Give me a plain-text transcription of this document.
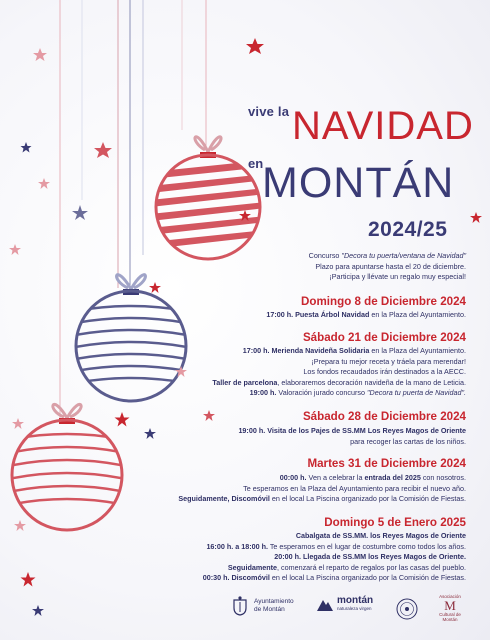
vive la NAVIDAD
en
MONTÁN
2024/25
Concurso "Decora tu puerta/ventana de Navidad"
Plazo para apuntarse hasta el 20 de diciembre.
¡Participa y llévate un regalo muy especial!
Domingo 8 de Diciembre 2024
17:00 h. Puesta Árbol Navidad en la Plaza del Ayuntamiento.
Sábado 21 de Diciembre 2024
17:00 h. Merienda Navideña Solidaria en la Plaza del Ayuntamiento.
¡Prepara tu mejor receta y tráela para merendar!
Los fondos recaudados irán destinados a la AECC.
Taller de parcelona, elaboraremos decoración navideña de la mano de Leticia.
19:00 h. Valoración jurado concurso "Decora tu puerta de Navidad".
Sábado 28 de Diciembre 2024
19:00 h. Visita de los Pajes de SS.MM Los Reyes Magos de Oriente
para recoger las cartas de los niños.
Martes 31 de Diciembre 2024
00:00 h. Ven a celebrar la entrada del 2025 con nosotros.
Te esperamos en la Plaza del Ayuntamiento para recibir el nuevo año.
Seguidamente, Discomóvil en el local La Piscina organizado por la Comisión de Fiestas.
Domingo 5 de Enero 2025
Cabalgata de SS.MM. los Reyes Magos de Oriente
16:00 h. a 18:00 h. Te esperamos en el lugar de costumbre como todos los años.
20:00 h. Llegada de SS.MM los Reyes Magos de Oriente.
Seguidamente, comenzará el reparto de regalos por las casas del pueblo.
00:30 h. Discomóvil en el local La Piscina organizado por la Comisión de Fiestas.
Ayuntamiento
de Montán
montán
naturaleza virgen
Asociación
M
Cultural de
Montán
